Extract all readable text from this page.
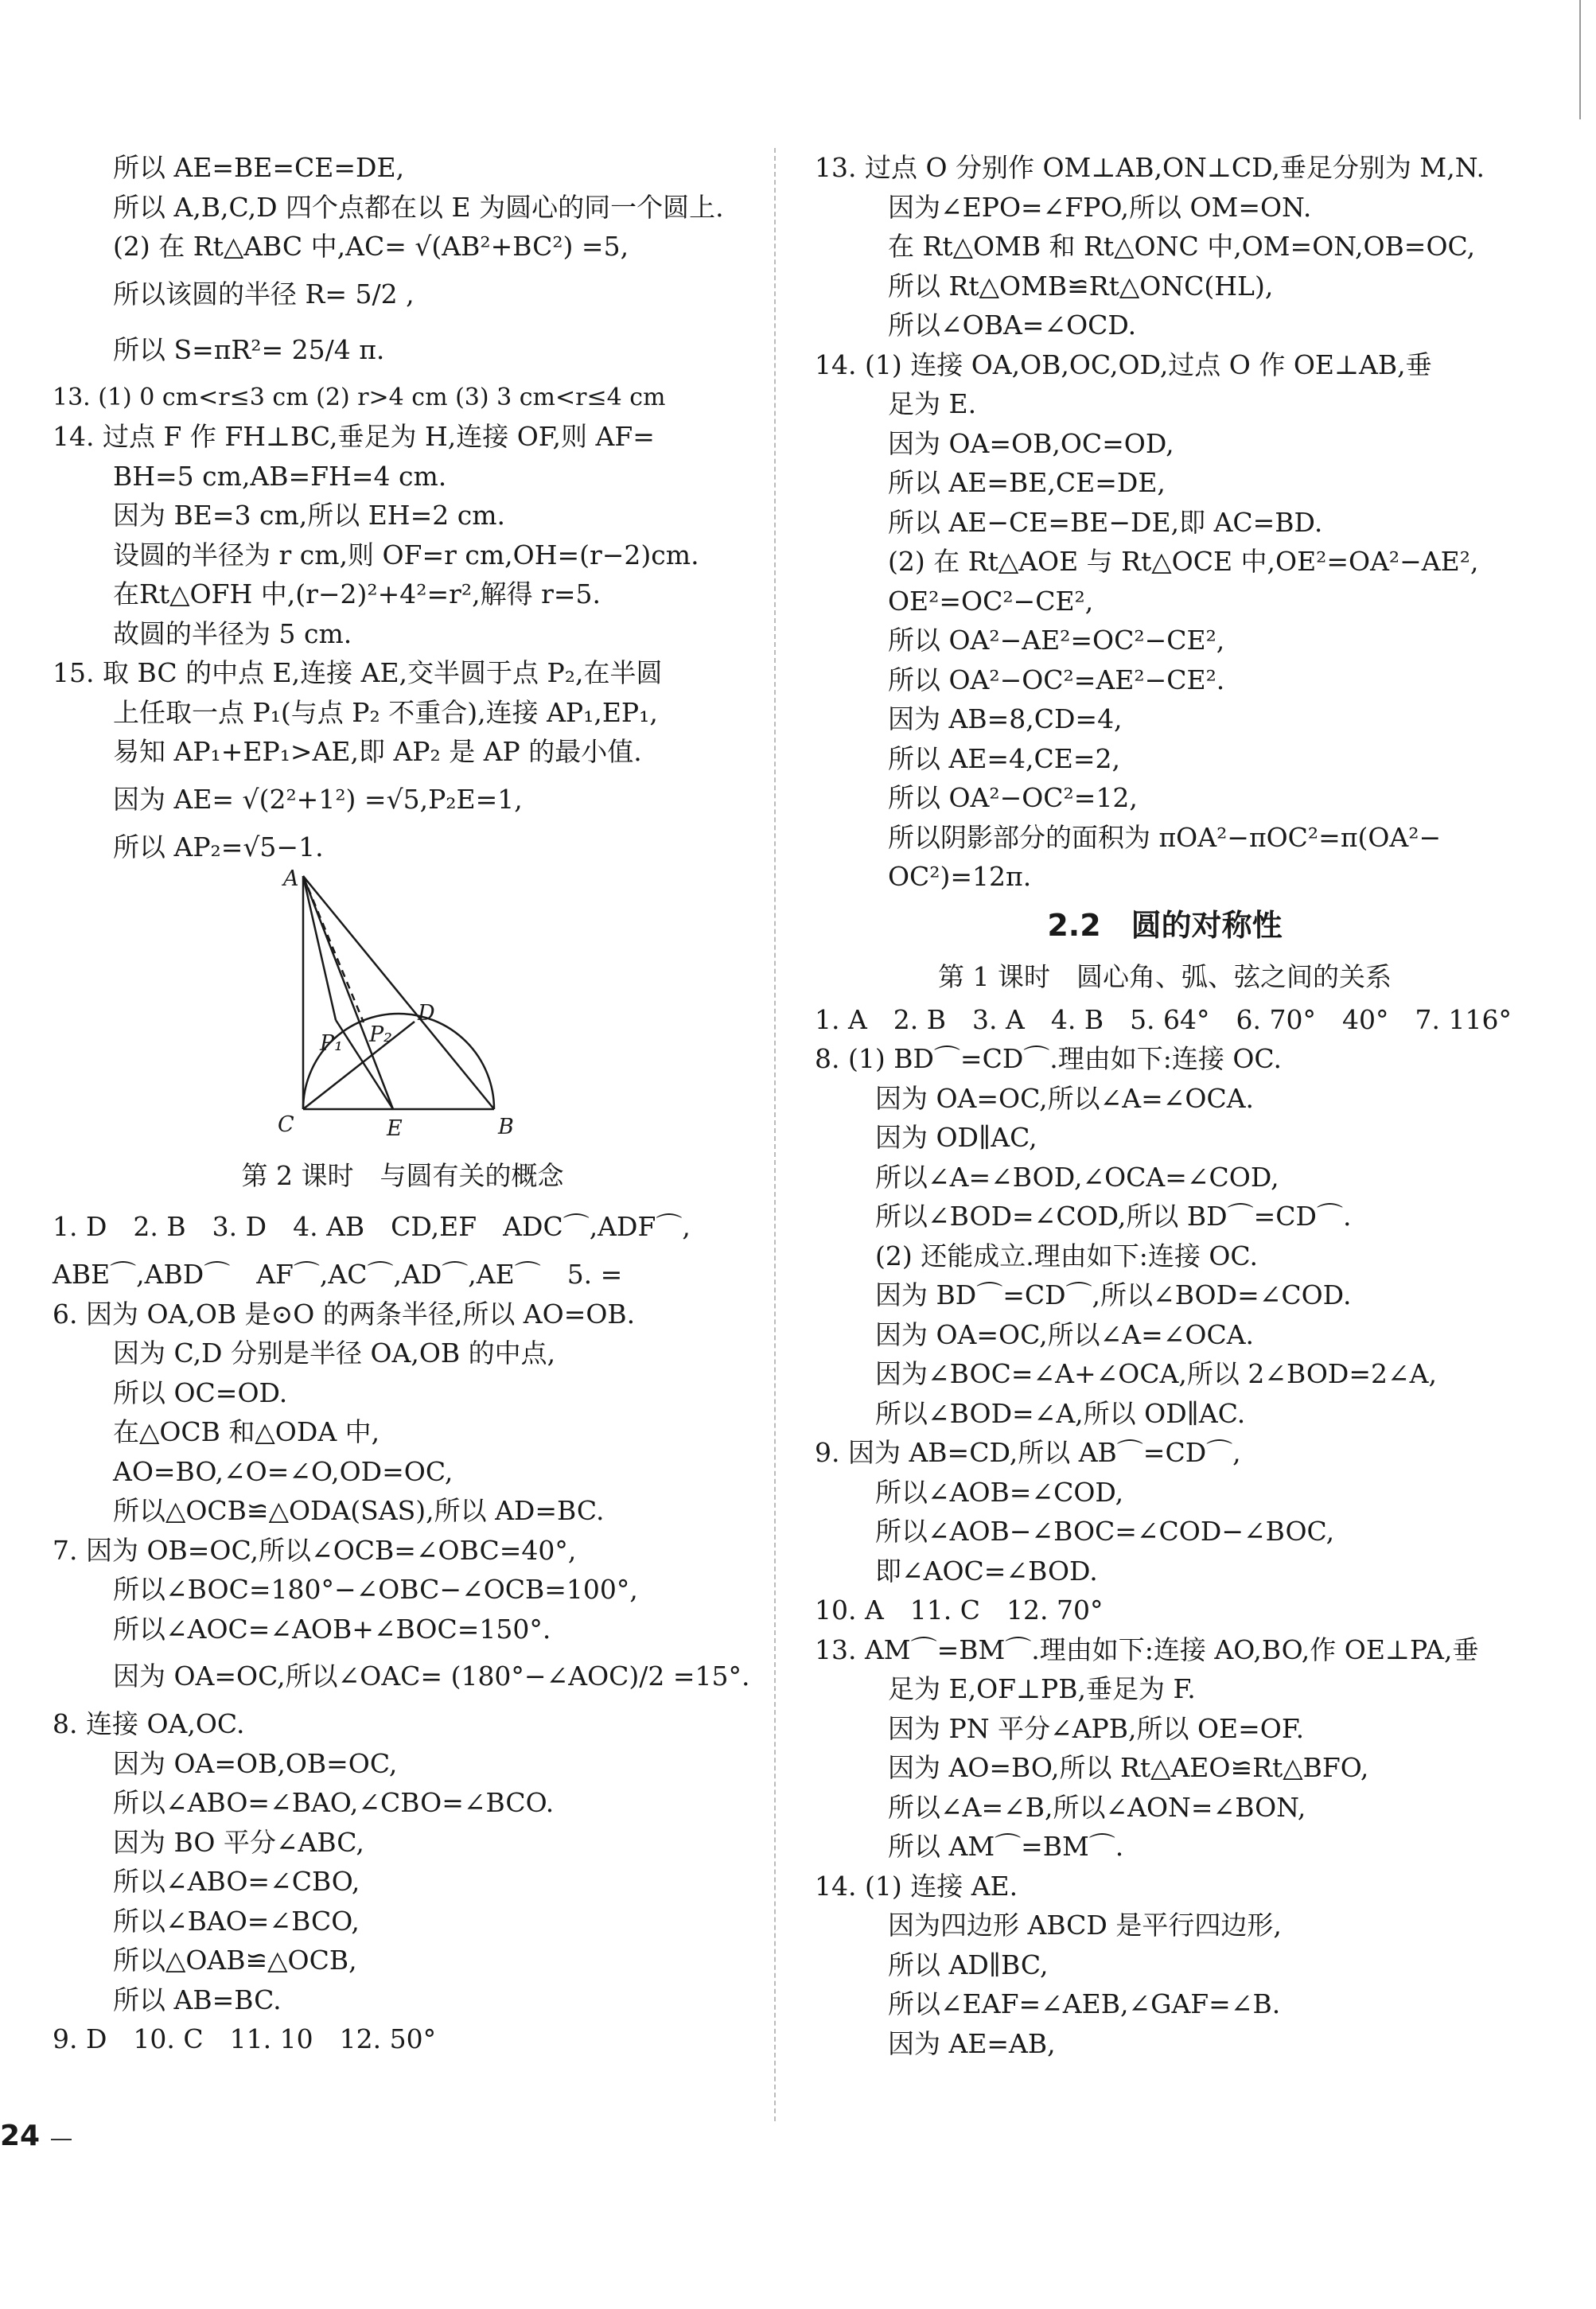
所以 AE=BE=CE=DE,
所以 A,B,C,D 四个点都在以 E 为圆心的同一个圆上.
(2) 在 Rt△ABC 中,AC= √(AB²+BC²) =5,
所以该圆的半径 R= 5/2 ,
所以 S=πR²= 25/4 π.
13. (1) 0 cm<r≤3 cm (2) r>4 cm (3) 3 cm<r≤4 cm
14. 过点 F 作 FH⊥BC,垂足为 H,连接 OF,则 AF=
BH=5 cm,AB=FH=4 cm.
因为 BE=3 cm,所以 EH=2 cm.
设圆的半径为 r cm,则 OF=r cm,OH=(r−2)cm.
在Rt△OFH 中,(r−2)²+4²=r²,解得 r=5.
故圆的半径为 5 cm.
15. 取 BC 的中点 E,连接 AE,交半圆于点 P₂,在半圆
上任取一点 P₁(与点 P₂ 不重合),连接 AP₁,EP₁,
易知 AP₁+EP₁>AE,即 AP₂ 是 AP 的最小值.
因为 AE= √(2²+1²) =√5,P₂E=1,
所以 AP₂=√5−1.
A
B
C
D
E
P₁ P₂
第 2 课时　与圆有关的概念
1. D　2. B　3. D　4. AB　CD,EF　ADC⌒,ADF⌒,
ABE⌒,ABD⌒　AF⌒,AC⌒,AD⌒,AE⌒　5. =
6. 因为 OA,OB 是⊙O 的两条半径,所以 AO=OB.
因为 C,D 分别是半径 OA,OB 的中点,
所以 OC=OD.
在△OCB 和△ODA 中,
AO=BO,∠O=∠O,OD=OC,
所以△OCB≌△ODA(SAS),所以 AD=BC.
7. 因为 OB=OC,所以∠OCB=∠OBC=40°,
所以∠BOC=180°−∠OBC−∠OCB=100°,
所以∠AOC=∠AOB+∠BOC=150°.
因为 OA=OC,所以∠OAC= (180°−∠AOC)/2 =15°.
8. 连接 OA,OC.
因为 OA=OB,OB=OC,
所以∠ABO=∠BAO,∠CBO=∠BCO.
因为 BO 平分∠ABC,
所以∠ABO=∠CBO,
所以∠BAO=∠BCO,
所以△OAB≌△OCB,
所以 AB=BC.
9. D　10. C　11. 10　12. 50°
13. 过点 O 分别作 OM⊥AB,ON⊥CD,垂足分别为 M,N.
因为∠EPO=∠FPO,所以 OM=ON.
在 Rt△OMB 和 Rt△ONC 中,OM=ON,OB=OC,
所以 Rt△OMB≌Rt△ONC(HL),
所以∠OBA=∠OCD.
14. (1) 连接 OA,OB,OC,OD,过点 O 作 OE⊥AB,垂
足为 E.
因为 OA=OB,OC=OD,
所以 AE=BE,CE=DE,
所以 AE−CE=BE−DE,即 AC=BD.
(2) 在 Rt△AOE 与 Rt△OCE 中,OE²=OA²−AE²,
OE²=OC²−CE²,
所以 OA²−AE²=OC²−CE²,
所以 OA²−OC²=AE²−CE².
因为 AB=8,CD=4,
所以 AE=4,CE=2,
所以 OA²−OC²=12,
所以阴影部分的面积为 πOA²−πOC²=π(OA²−
OC²)=12π.
2.2　圆的对称性
第 1 课时　圆心角、弧、弦之间的关系
1. A　2. B　3. A　4. B　5. 64°　6. 70°　40°　7. 116°
8. (1) BD⌒=CD⌒.理由如下:连接 OC.
因为 OA=OC,所以∠A=∠OCA.
因为 OD∥AC,
所以∠A=∠BOD,∠OCA=∠COD,
所以∠BOD=∠COD,所以 BD⌒=CD⌒.
(2) 还能成立.理由如下:连接 OC.
因为 BD⌒=CD⌒,所以∠BOD=∠COD.
因为 OA=OC,所以∠A=∠OCA.
因为∠BOC=∠A+∠OCA,所以 2∠BOD=2∠A,
所以∠BOD=∠A,所以 OD∥AC.
9. 因为 AB=CD,所以 AB⌒=CD⌒,
所以∠AOB=∠COD,
所以∠AOB−∠BOC=∠COD−∠BOC,
即∠AOC=∠BOD.
10. A　11. C　12. 70°
13. AM⌒=BM⌒.理由如下:连接 AO,BO,作 OE⊥PA,垂
足为 E,OF⊥PB,垂足为 F.
因为 PN 平分∠APB,所以 OE=OF.
因为 AO=BO,所以 Rt△AEO≌Rt△BFO,
所以∠A=∠B,所以∠AON=∠BON,
所以 AM⌒=BM⌒.
14. (1) 连接 AE.
因为四边形 ABCD 是平行四边形,
所以 AD∥BC,
所以∠EAF=∠AEB,∠GAF=∠B.
因为 AE=AB,
24
